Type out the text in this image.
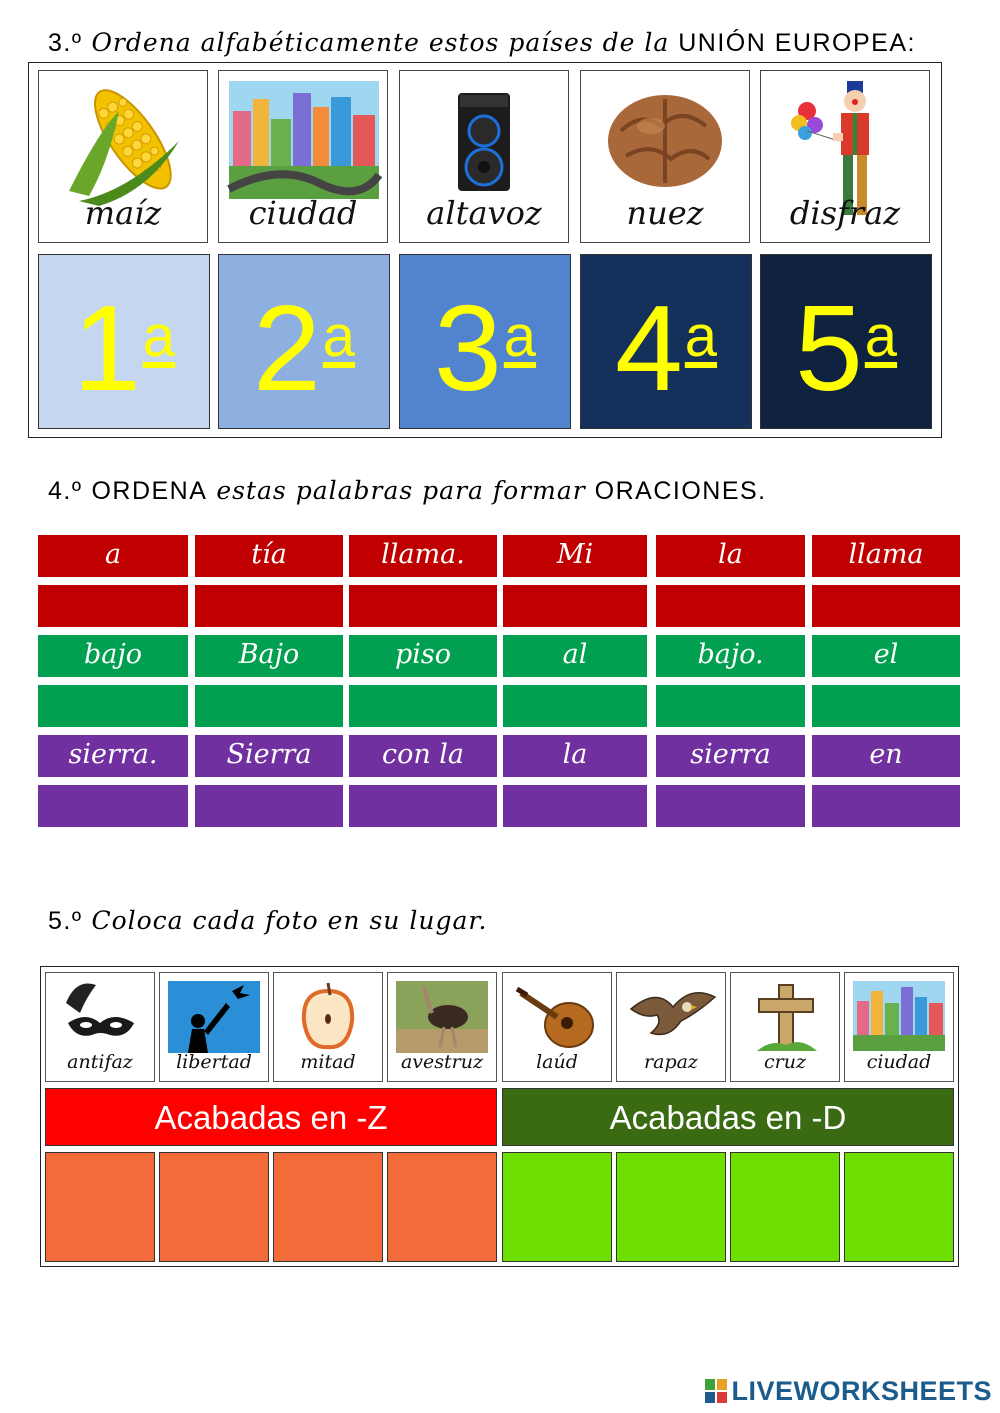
3.º Ordena alfabéticamente estos países de la UNIÓN EUROPEA:
maíz	ciudad	altavoz	nuez	disfraz
1$^a$ 2$^a$ 3$^a$ 4$^a$ 5$^a$
4.º ORDENA estas palabras para formar ORACIONES.
a	tía	llama.	Mi	la	llama
bajo	Bajo	piso	al	bajo.	el
sierra.	Sierra	con la	la	sierra	en
5.º Coloca cada foto en su lugar.
antifaz	libertad	mitad	avestruz	laúd	rapaz	cruz	ciudad
Acabadas en -Z	Acabadas en -D
LIVEWORKSHEETS
